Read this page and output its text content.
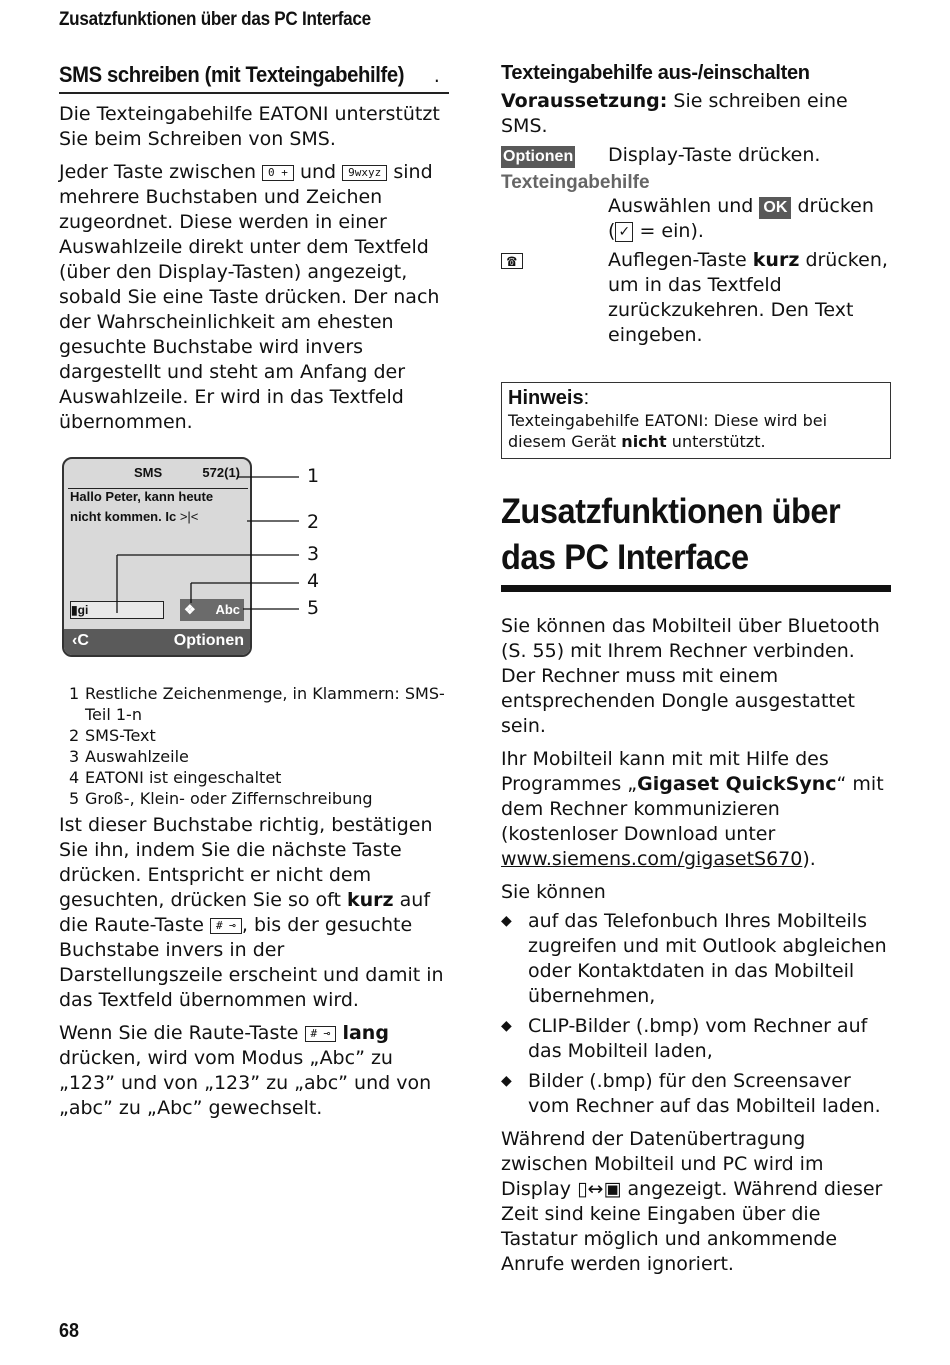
Zusatzfunktionen über das PC Interface
SMS schreiben (mit Texteingabehilfe) .

Die Texteingabehilfe EATONI unterstützt Sie beim Schreiben von SMS.

Jeder Taste zwischen 0 + und 9wxyz sind mehrere Buchstaben und Zeichen zugeordnet. Diese werden in einer Auswahlzeile direkt unter dem Textfeld (über den Display-Tasten) angezeigt, sobald Sie eine Taste drücken. Der nach der Wahrscheinlichkeit am ehesten gesuchte Buchstabe wird invers dargestellt und steht am Anfang der Auswahlzeile. Er wird in das Textfeld übernommen.

SMS	572(1)
Hallo Peter, kann heute
nicht kommen. Ic >|<
▮gi	❖ Abc
‹C	Optionen
1
2
3
4
5
1 Restliche Zeichenmenge, in Klammern: SMS-Teil 1-n
2 SMS-Text
3 Auswahlzeile
4 EATONI ist eingeschaltet
5 Groß-, Klein- oder Ziffernschreibung

Ist dieser Buchstabe richtig, bestätigen Sie ihn, indem Sie die nächste Taste drücken. Entspricht er nicht dem gesuchten, drücken Sie so oft kurz auf die Raute-Taste # ⊸ , bis der gesuchte Buchstabe invers in der Darstellungszeile erscheint und damit in das Textfeld übernommen wird.

Wenn Sie die Raute-Taste # ⊸ lang drücken, wird vom Modus „Abc” zu „123” und von „123” zu „abc” und von „abc” zu „Abc” gewechselt.

Texteingabehilfe aus-/einschalten

Voraussetzung: Sie schreiben eine SMS.

Optionen	Display-Taste drücken.
Texteingabehilfe
Auswählen und OK drücken
( ✓ = ein).
☎	Auflegen-Taste kurz drücken, um in das Textfeld zurückzukehren. Den Text eingeben.
Hinweis:
Texteingabehilfe EATONI: Diese wird bei diesem Gerät nicht unterstützt.
Zusatzfunktionen über das PC Interface

Sie können das Mobilteil über Bluetooth (S. 55) mit Ihrem Rechner verbinden. Der Rechner muss mit einem entsprechenden Dongle ausgestattet sein.

Ihr Mobilteil kann mit mit Hilfe des Programmes „Gigaset QuickSync“ mit dem Rechner kommunizieren (kostenloser Download unter www.siemens.com/gigasetS670).

Sie können

◆ auf das Telefonbuch Ihres Mobilteils zugreifen und mit Outlook abgleichen oder Kontaktdaten in das Mobilteil übernehmen,
◆ CLIP-Bilder (.bmp) vom Rechner auf das Mobilteil laden,
◆ Bilder (.bmp) für den Screensaver vom Rechner auf das Mobilteil laden.

Während der Datenübertragung zwischen Mobilteil und PC wird im Display ▯↔▣ angezeigt. Während dieser Zeit sind keine Eingaben über die Tastatur möglich und ankommende Anrufe werden ignoriert.

68
